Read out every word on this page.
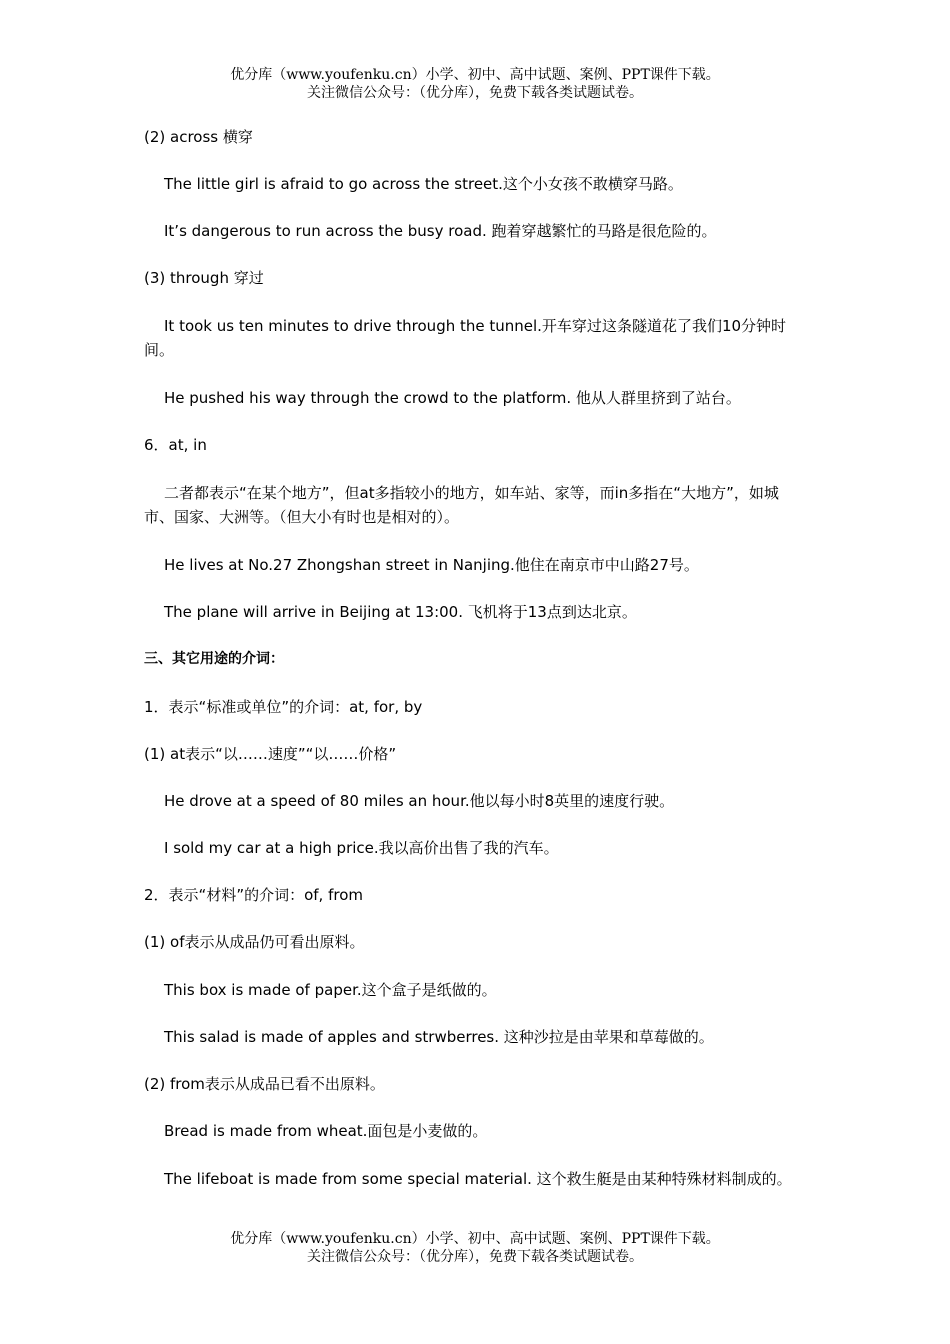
优分库（www.youfenku.cn）小学、初中、高中试题、案例、PPT课件下载。
关注微信公众号：（优分库），免费下载各类试题试卷。
(2) across 横穿
The little girl is afraid to go across the street.这个小女孩不敢横穿马路。
It’s dangerous to run across the busy road. 跑着穿越繁忙的马路是很危险的。
(3) through 穿过
It took us ten minutes to drive through the tunnel.开车穿过这条隧道花了我们10分钟时间。
He pushed his way through the crowd to the platform. 他从人群里挤到了站台。
6．at, in
二者都表示“在某个地方”，但at多指较小的地方，如车站、家等，而in多指在“大地方”，如城市、国家、大洲等。（但大小有时也是相对的）。
He lives at No.27 Zhongshan street in Nanjing.他住在南京市中山路27号。
The plane will arrive in Beijing at 13:00. 飞机将于13点到达北京。
三、其它用途的介词：
1．表示“标准或单位”的介词：at, for, by
(1) at表示“以……速度”“以……价格”
He drove at a speed of 80 miles an hour.他以每小时8英里的速度行驶。
I sold my car at a high price.我以高价出售了我的汽车。
2．表示“材料”的介词：of, from
(1) of表示从成品仍可看出原料。
This box is made of paper.这个盒子是纸做的。
This salad is made of apples and strwberres. 这种沙拉是由苹果和草莓做的。
(2) from表示从成品已看不出原料。
Bread is made from wheat.面包是小麦做的。
The lifeboat is made from some special material. 这个救生艇是由某种特殊材料制成的。
优分库（www.youfenku.cn）小学、初中、高中试题、案例、PPT课件下载。
关注微信公众号：（优分库），免费下载各类试题试卷。
